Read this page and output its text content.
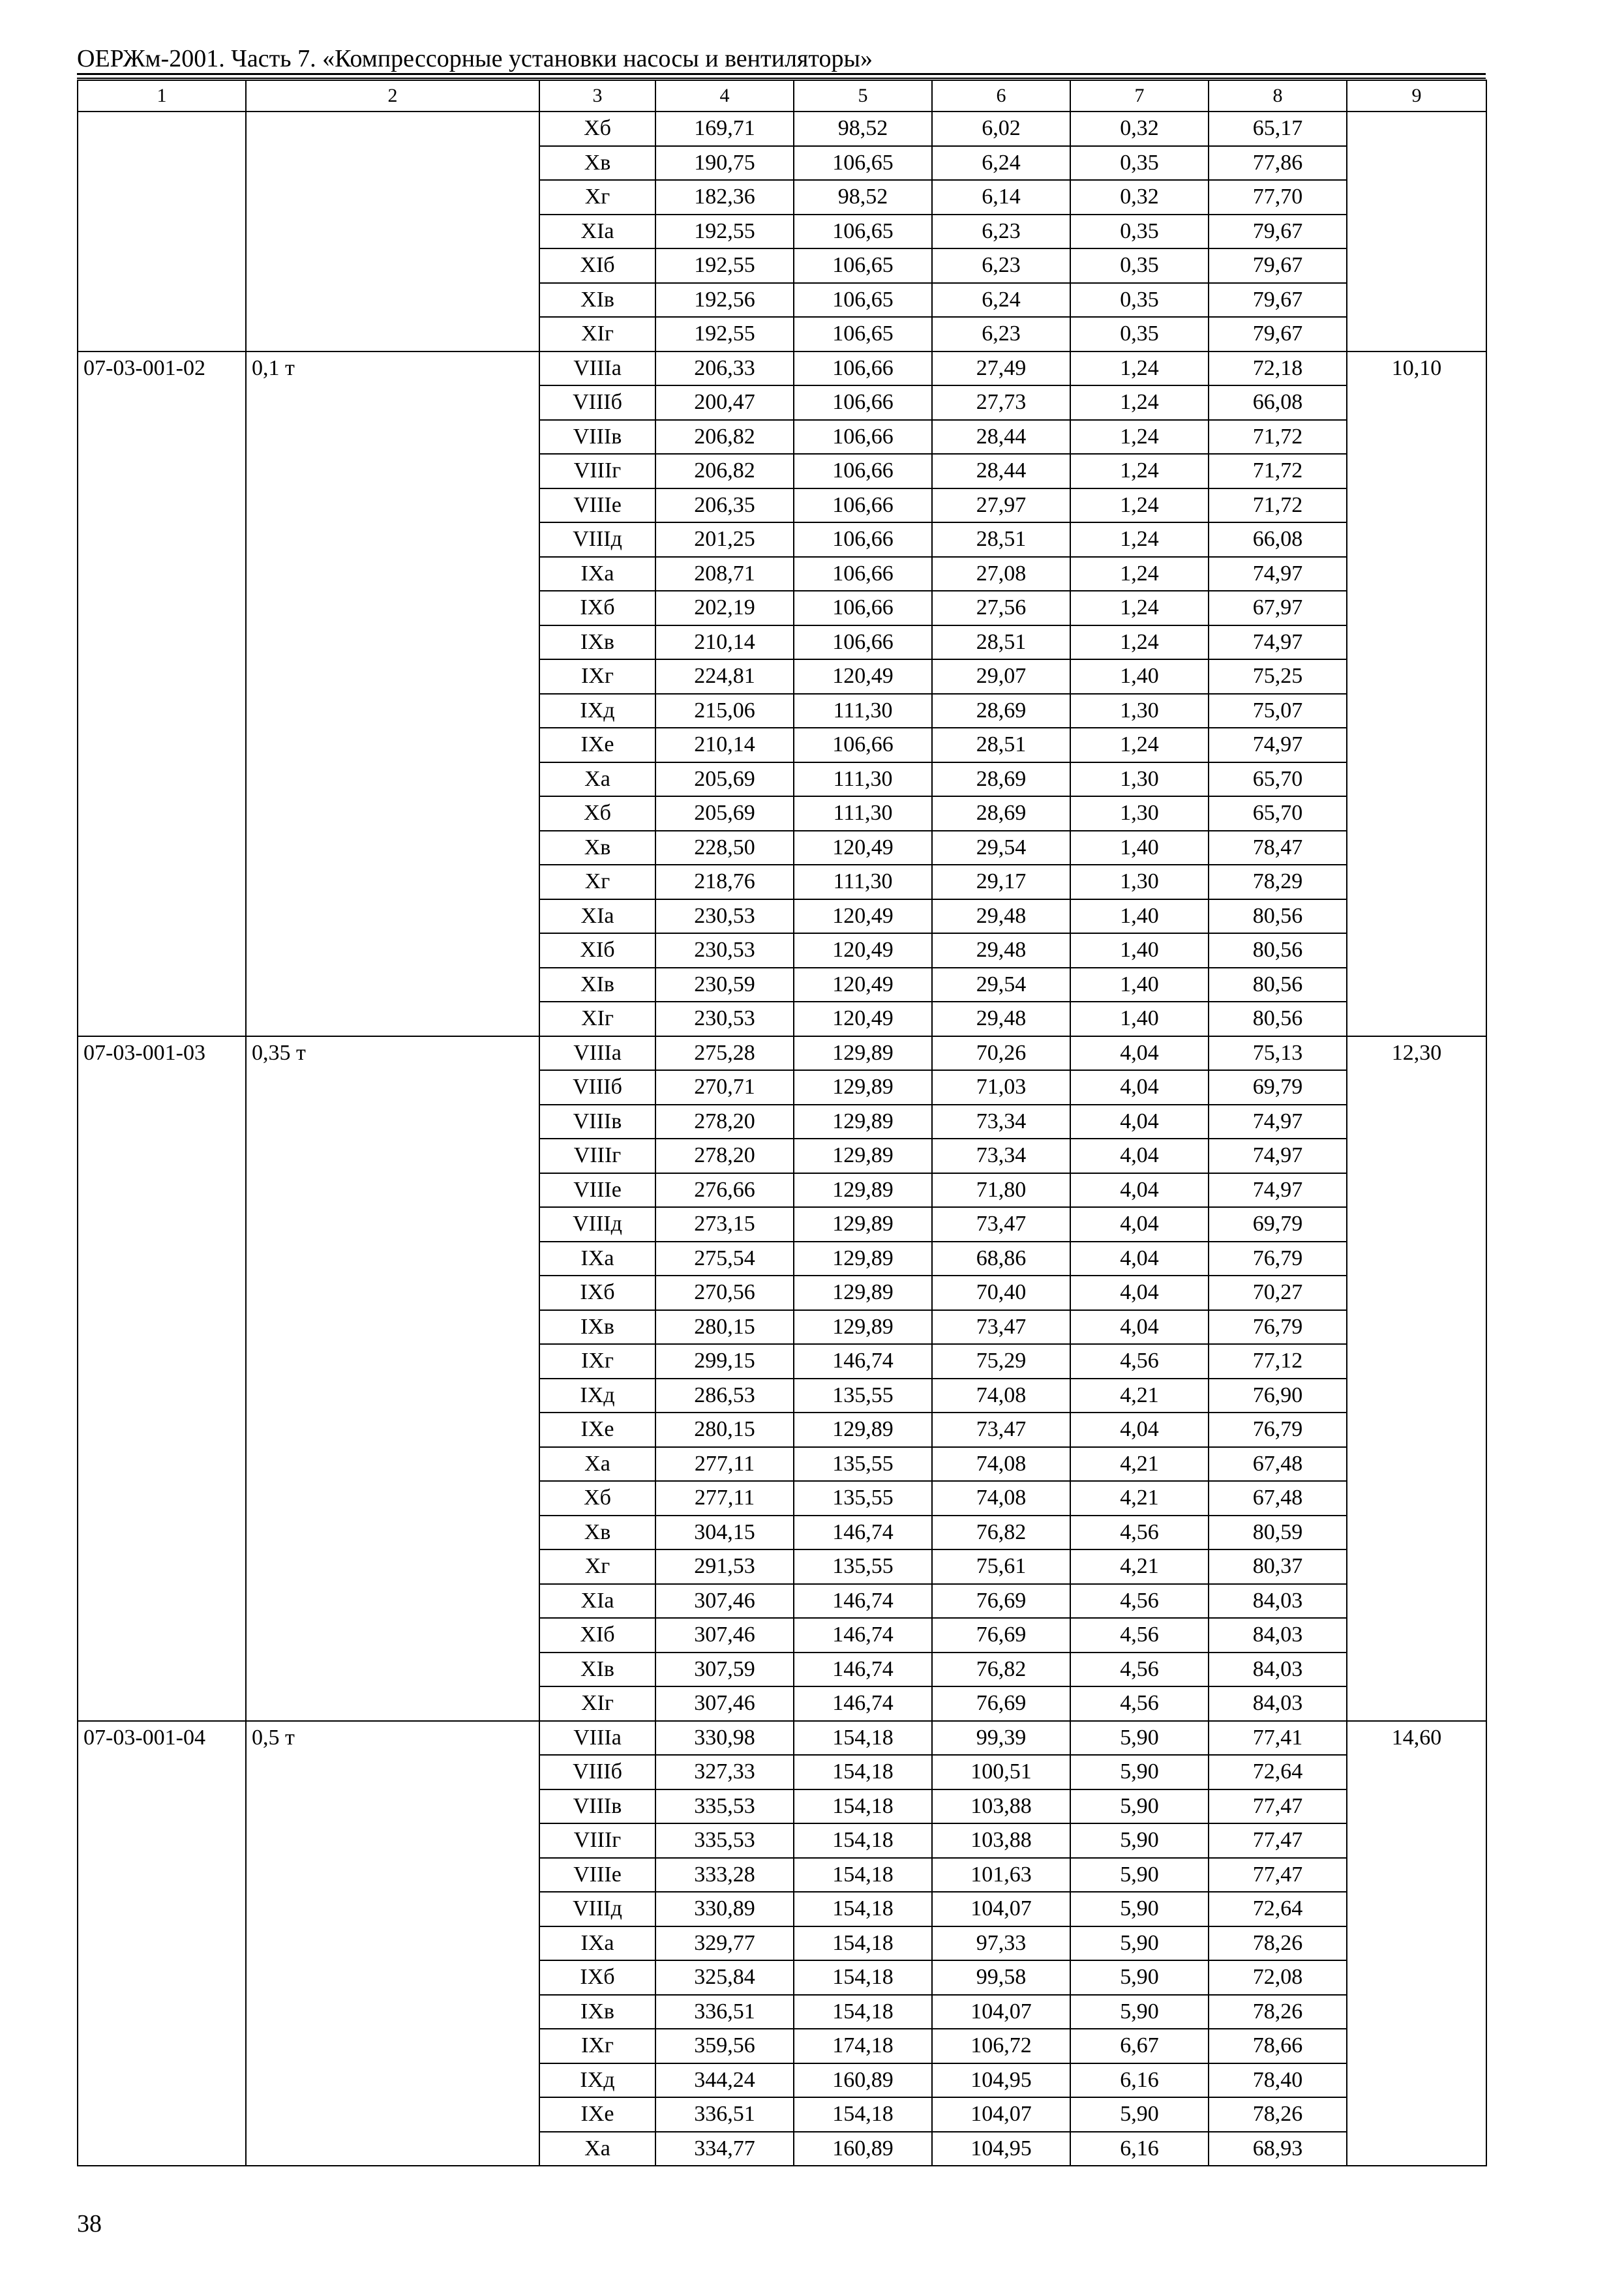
ОЕРЖм-2001. Часть 7. «Компрессорные установки насосы и вентиляторы»
1	2	3	4	5	6	7	8	9
		Xб	169,71	98,52	6,02	0,32	65,17	
		Xв	190,75	106,65	6,24	0,35	77,86	
		Xг	182,36	98,52	6,14	0,32	77,70	
		XIа	192,55	106,65	6,23	0,35	79,67	
		XIб	192,55	106,65	6,23	0,35	79,67	
		XIв	192,56	106,65	6,24	0,35	79,67	
		XIг	192,55	106,65	6,23	0,35	79,67	
07-03-001-02	0,1 т	VIIIа	206,33	106,66	27,49	1,24	72,18	10,10
		VIIIб	200,47	106,66	27,73	1,24	66,08	
		VIIIв	206,82	106,66	28,44	1,24	71,72	
		VIIIг	206,82	106,66	28,44	1,24	71,72	
		VIIIе	206,35	106,66	27,97	1,24	71,72	
		VIIIд	201,25	106,66	28,51	1,24	66,08	
		IXа	208,71	106,66	27,08	1,24	74,97	
		IXб	202,19	106,66	27,56	1,24	67,97	
		IXв	210,14	106,66	28,51	1,24	74,97	
		IXг	224,81	120,49	29,07	1,40	75,25	
		IXд	215,06	111,30	28,69	1,30	75,07	
		IXе	210,14	106,66	28,51	1,24	74,97	
		Xа	205,69	111,30	28,69	1,30	65,70	
		Xб	205,69	111,30	28,69	1,30	65,70	
		Xв	228,50	120,49	29,54	1,40	78,47	
		Xг	218,76	111,30	29,17	1,30	78,29	
		XIа	230,53	120,49	29,48	1,40	80,56	
		XIб	230,53	120,49	29,48	1,40	80,56	
		XIв	230,59	120,49	29,54	1,40	80,56	
		XIг	230,53	120,49	29,48	1,40	80,56	
07-03-001-03	0,35 т	VIIIа	275,28	129,89	70,26	4,04	75,13	12,30
		VIIIб	270,71	129,89	71,03	4,04	69,79	
		VIIIв	278,20	129,89	73,34	4,04	74,97	
		VIIIг	278,20	129,89	73,34	4,04	74,97	
		VIIIе	276,66	129,89	71,80	4,04	74,97	
		VIIIд	273,15	129,89	73,47	4,04	69,79	
		IXа	275,54	129,89	68,86	4,04	76,79	
		IXб	270,56	129,89	70,40	4,04	70,27	
		IXв	280,15	129,89	73,47	4,04	76,79	
		IXг	299,15	146,74	75,29	4,56	77,12	
		IXд	286,53	135,55	74,08	4,21	76,90	
		IXе	280,15	129,89	73,47	4,04	76,79	
		Xа	277,11	135,55	74,08	4,21	67,48	
		Xб	277,11	135,55	74,08	4,21	67,48	
		Xв	304,15	146,74	76,82	4,56	80,59	
		Xг	291,53	135,55	75,61	4,21	80,37	
		XIа	307,46	146,74	76,69	4,56	84,03	
		XIб	307,46	146,74	76,69	4,56	84,03	
		XIв	307,59	146,74	76,82	4,56	84,03	
		XIг	307,46	146,74	76,69	4,56	84,03	
07-03-001-04	0,5 т	VIIIа	330,98	154,18	99,39	5,90	77,41	14,60
		VIIIб	327,33	154,18	100,51	5,90	72,64	
		VIIIв	335,53	154,18	103,88	5,90	77,47	
		VIIIг	335,53	154,18	103,88	5,90	77,47	
		VIIIе	333,28	154,18	101,63	5,90	77,47	
		VIIIд	330,89	154,18	104,07	5,90	72,64	
		IXа	329,77	154,18	97,33	5,90	78,26	
		IXб	325,84	154,18	99,58	5,90	72,08	
		IXв	336,51	154,18	104,07	5,90	78,26	
		IXг	359,56	174,18	106,72	6,67	78,66	
		IXд	344,24	160,89	104,95	6,16	78,40	
		IXе	336,51	154,18	104,07	5,90	78,26	
		Xа	334,77	160,89	104,95	6,16	68,93	
38
